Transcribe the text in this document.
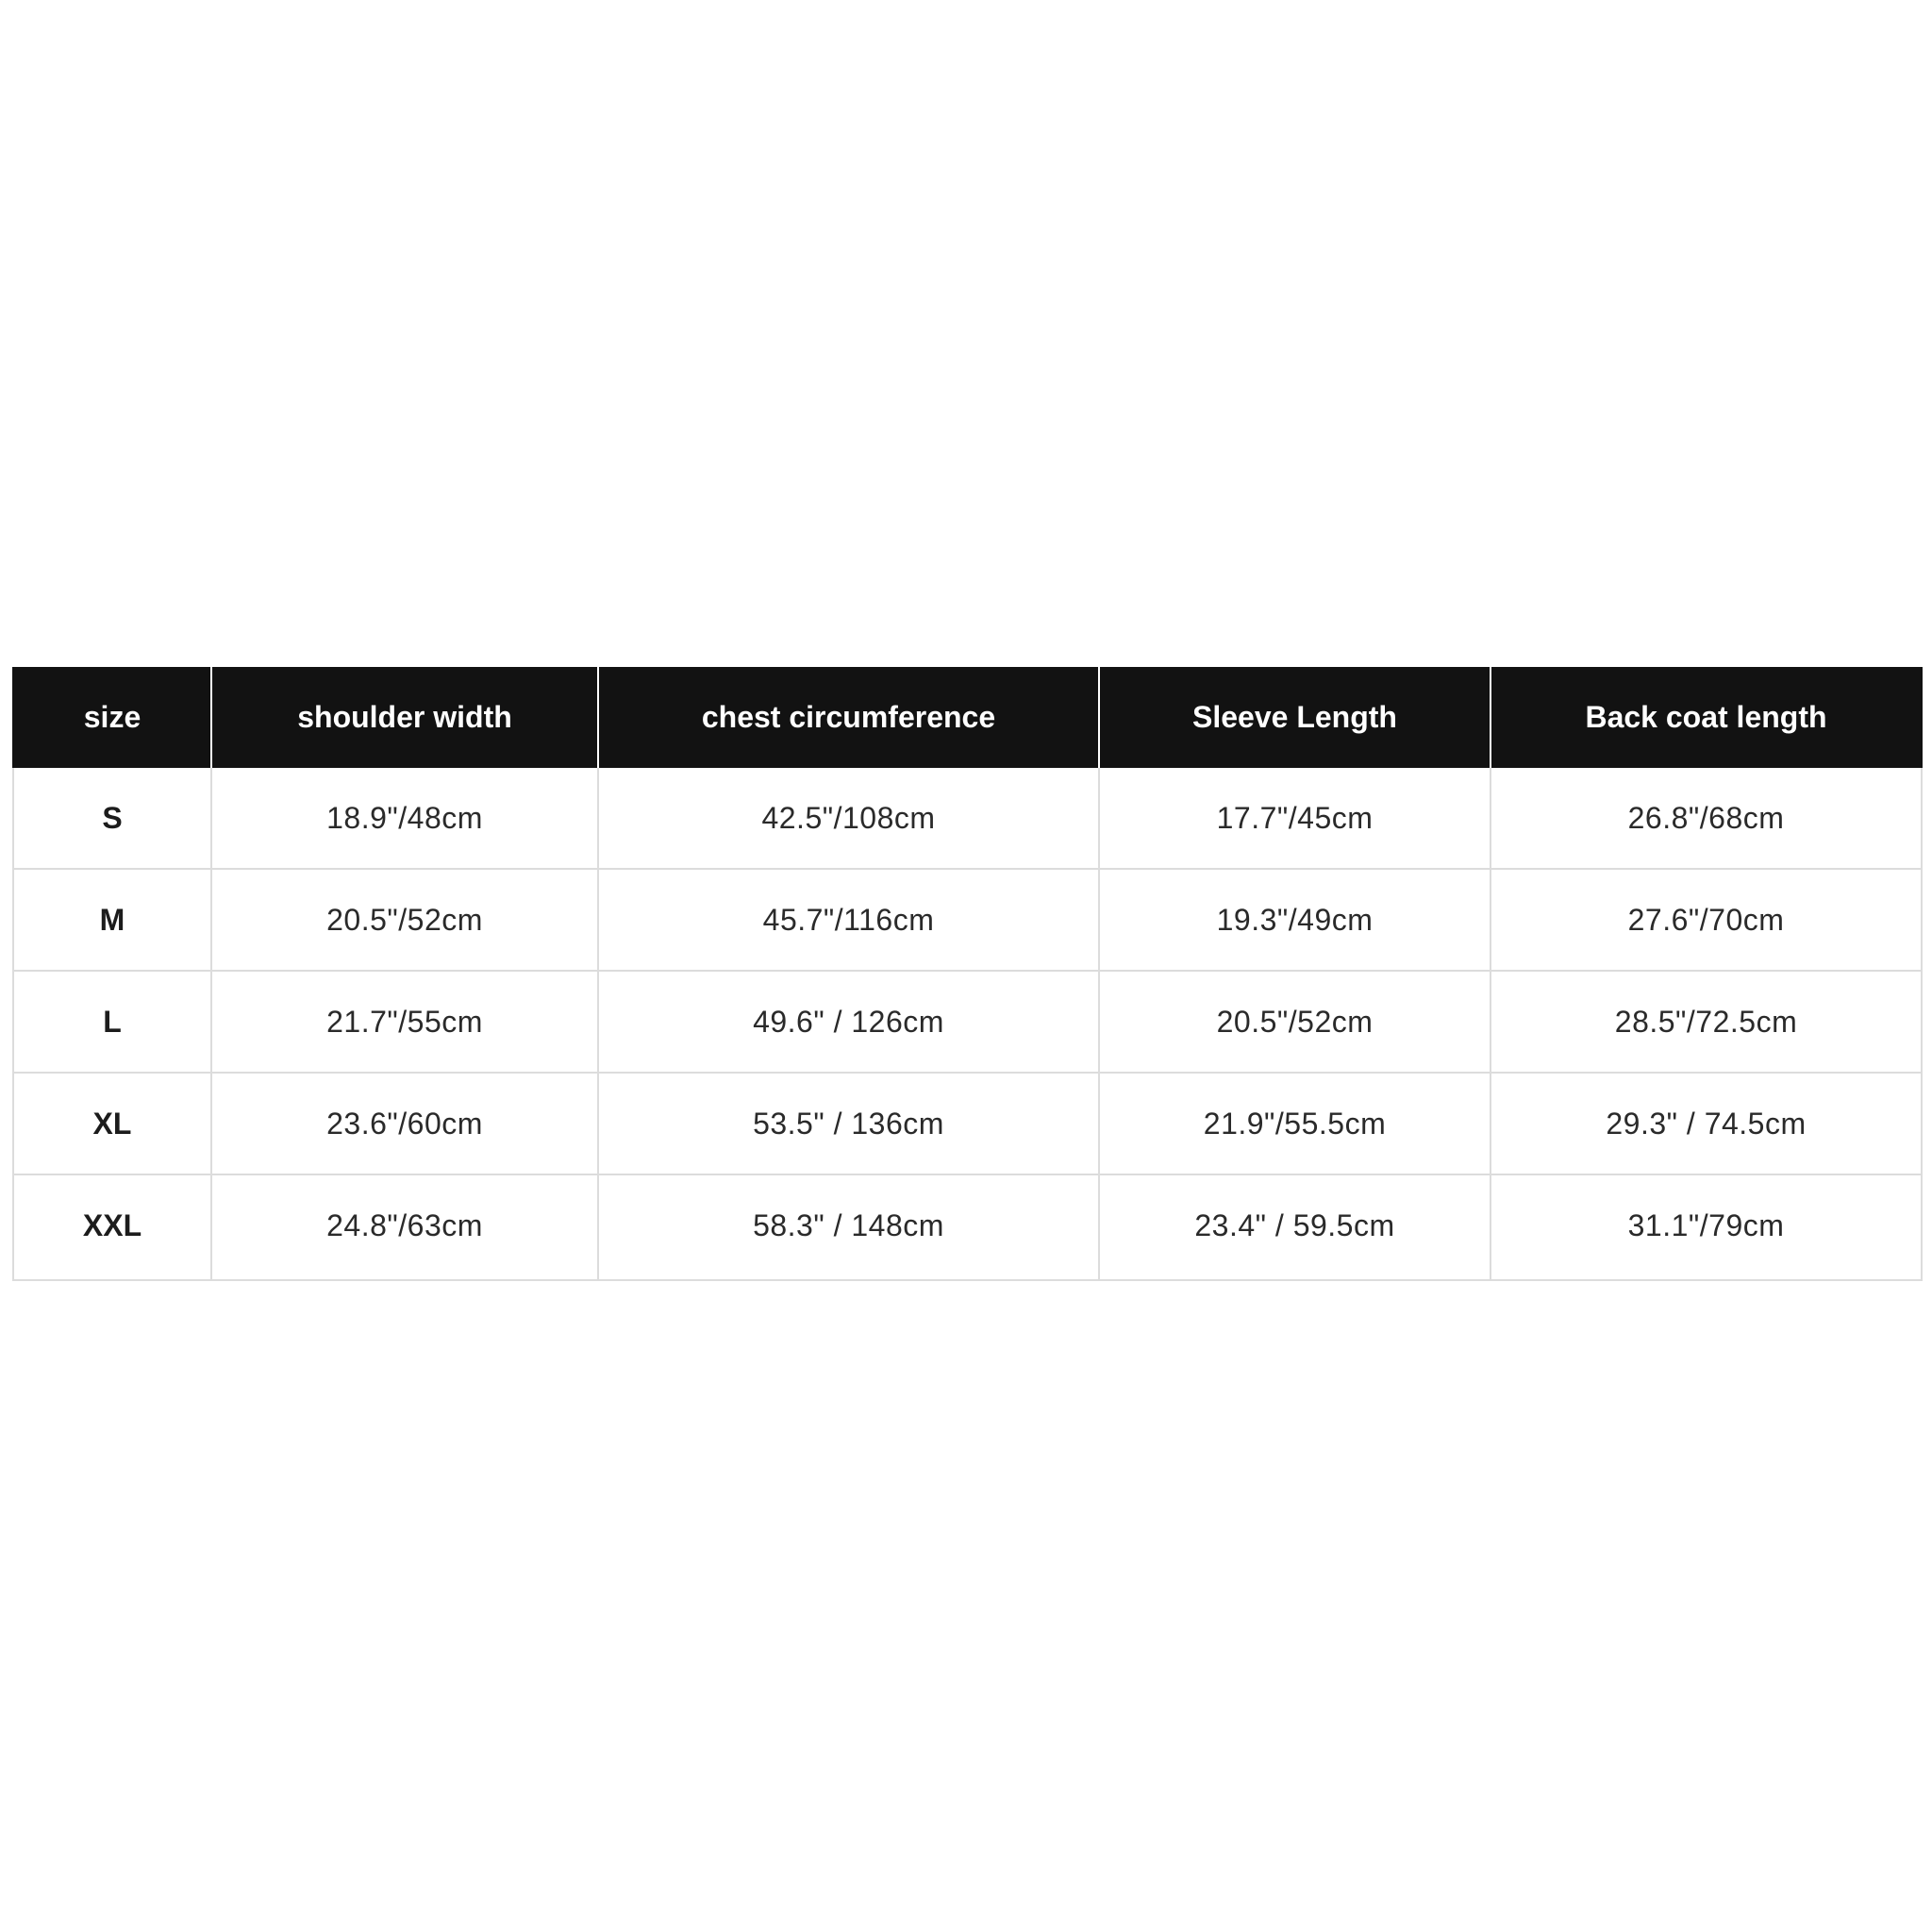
size	shoulder width	chest circumference	Sleeve Length	Back coat length
S	18.9"/48cm	42.5"/108cm	17.7"/45cm	26.8"/68cm
M	20.5"/52cm	45.7"/116cm	19.3"/49cm	27.6"/70cm
L	21.7"/55cm	49.6" / 126cm	20.5"/52cm	28.5"/72.5cm
XL	23.6"/60cm	53.5" / 136cm	21.9"/55.5cm	29.3" / 74.5cm
XXL	24.8"/63cm	58.3" / 148cm	23.4" / 59.5cm	31.1"/79cm
